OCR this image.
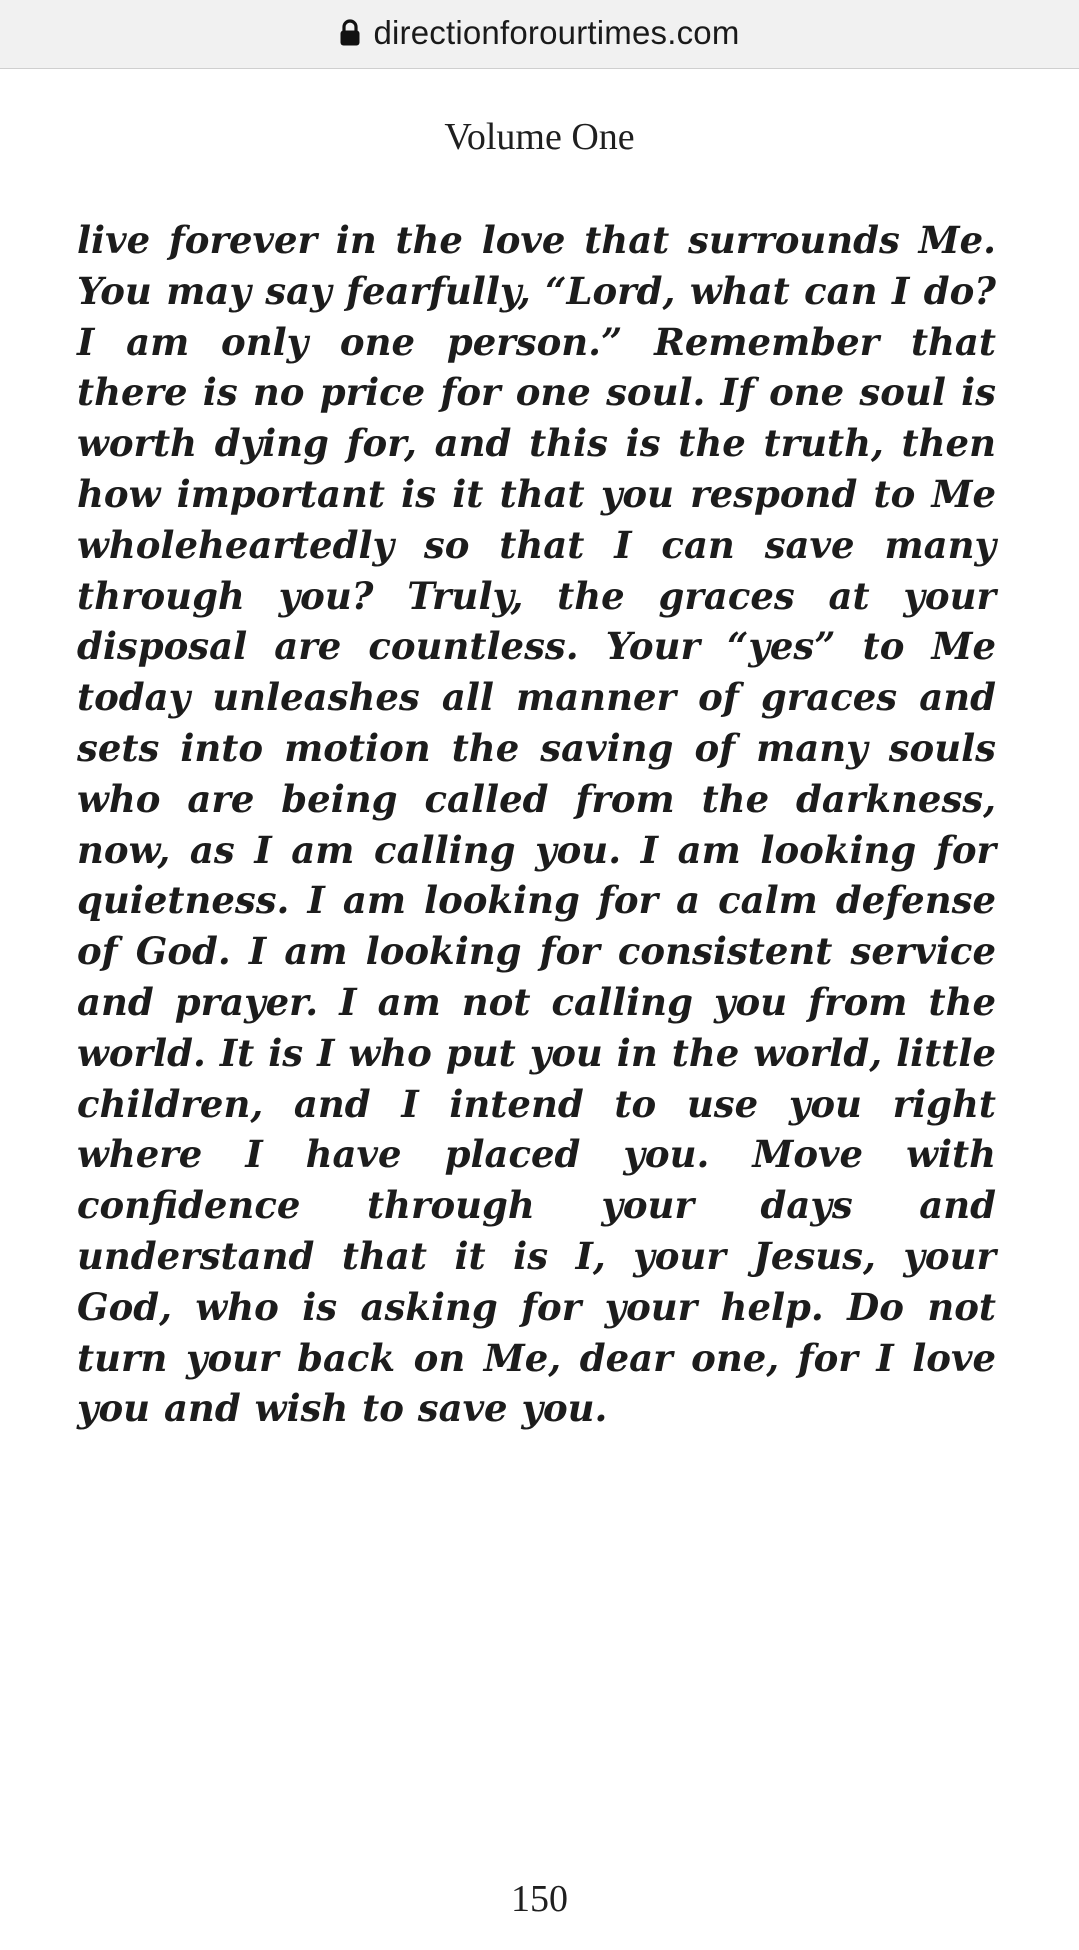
directionforourtimes.com
Volume One

live forever in the love that surrounds Me. You may say fearfully, “Lord, what can I do? I am only one person.” Remember that there is no price for one soul. If one soul is worth dying for, and this is the truth, then how important is it that you respond to Me wholeheartedly so that I can save many through you? Truly, the graces at your disposal are countless. Your “yes” to Me today unleashes all manner of graces and sets into motion the saving of many souls who are being called from the darkness, now, as I am calling you. I am looking for quietness. I am looking for a calm defense of God. I am looking for consistent service and prayer. I am not calling you from the world. It is I who put you in the world, little children, and I intend to use you right where I have placed you. Move with confidence through your days and understand that it is I, your Jesus, your God, who is asking for your help. Do not turn your back on Me, dear one, for I love you and wish to save you.

150
